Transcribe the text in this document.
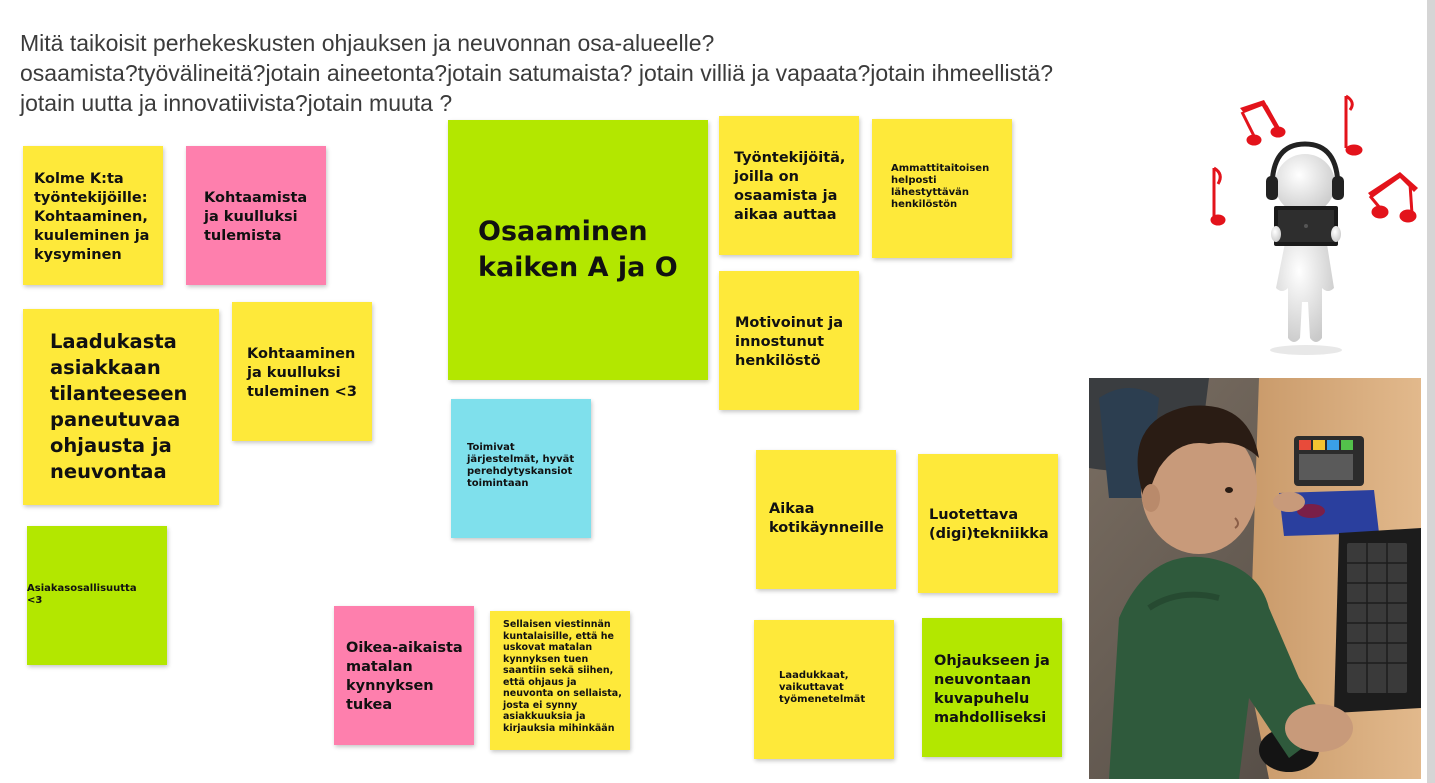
Mitä taikoisit perhekeskusten ohjauksen ja neuvonnan osa-alueelle?
osaamista?työvälineitä?jotain aineetonta?jotain satumaista? jotain villiä ja vapaata?jotain ihmeellistä?
jotain uutta ja innovatiivista?jotain muuta ?
Kolme K:ta
työntekijöille:
Kohtaaminen,
kuuleminen ja
kysyminen
Kohtaamista
ja kuulluksi
tulemista	Osaaminen
kaiken A ja O
Työntekijöitä,
joilla on
osaamista ja
aikaa auttaa
Ammattitaitoisen
helposti
lähestyttävän
henkilöstön
Laadukasta
asiakkaan
tilanteeseen
paneutuvaa
ohjausta ja
neuvontaa
Kohtaaminen
ja kuulluksi
tuleminen <3
Motivoinut ja
innostunut
henkilöstö
Toimivat
järjestelmät, hyvät
perehdytyskansiot
toimintaan
Aikaa
kotikäynneille
Luotettava
(digi)tekniikka
Asiakasosallisuutta
<3
Oikea-aikaista
matalan
kynnyksen
tukea
Sellaisen viestinnän
kuntalaisille, että he
uskovat matalan
kynnyksen tuen
saantiin sekä siihen,
että ohjaus ja
neuvonta on sellaista,
josta ei synny
asiakkuuksia ja
kirjauksia mihinkään
Laadukkaat,
vaikuttavat
työmenetelmät
Ohjaukseen ja
neuvontaan
kuvapuhelu
mahdolliseksi
